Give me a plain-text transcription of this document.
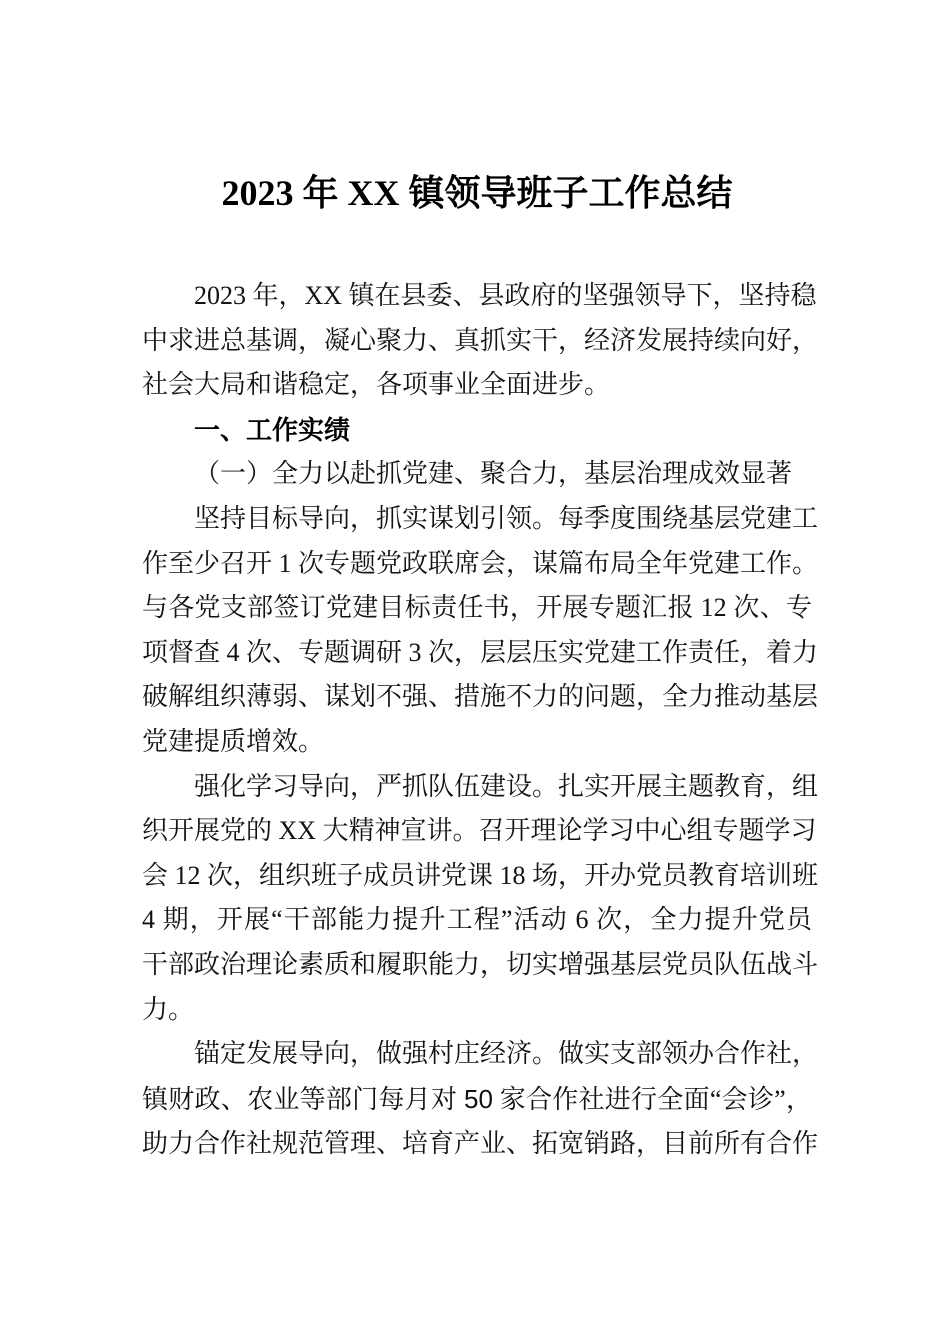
2023 年 XX 镇领导班子工作总结
2023 年，XX 镇在县委、县政府的坚强领导下，坚持稳
中求进总基调，凝心聚力、真抓实干，经济发展持续向好，
社会大局和谐稳定，各项事业全面进步。
一、工作实绩
（一）全力以赴抓党建、聚合力，基层治理成效显著
坚持目标导向，抓实谋划引领。每季度围绕基层党建工
作至少召开 1 次专题党政联席会，谋篇布局全年党建工作。
与各党支部签订党建目标责任书，开展专题汇报 12 次、专
项督查 4 次、专题调研 3 次，层层压实党建工作责任，着力
破解组织薄弱、谋划不强、措施不力的问题，全力推动基层
党建提质增效。
强化学习导向，严抓队伍建设。扎实开展主题教育，组
织开展党的 XX 大精神宣讲。召开理论学习中心组专题学习
会 12 次，组织班子成员讲党课 18 场，开办党员教育培训班
4 期，开展“干部能力提升工程”活动 6 次，全力提升党员
干部政治理论素质和履职能力，切实增强基层党员队伍战斗
力。
锚定发展导向，做强村庄经济。做实支部领办合作社，
镇财政、农业等部门每月对 50 家合作社进行全面“会诊”，
助力合作社规范管理、培育产业、拓宽销路，目前所有合作
